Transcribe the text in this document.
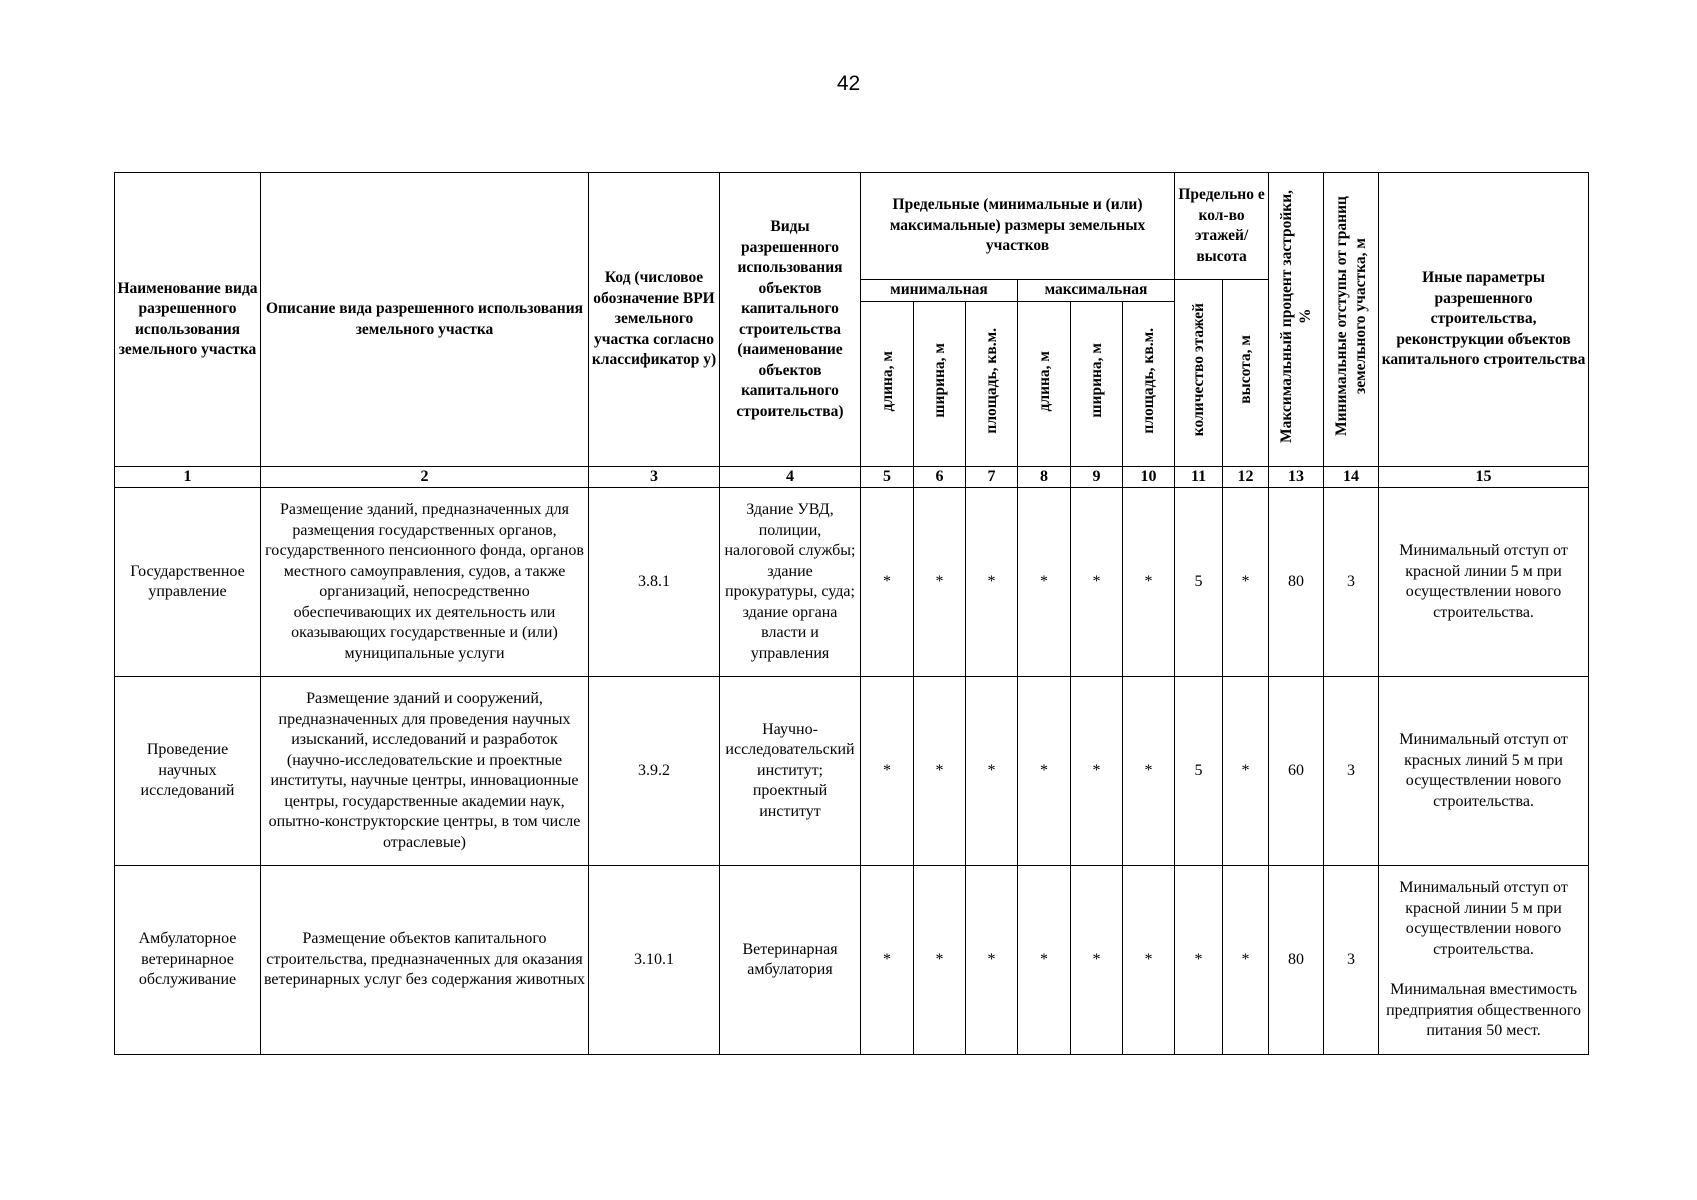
42
Наименование вида разрешенного использования земельного участка	Описание вида разрешенного использования земельного участка	Код (числовое обозначение ВРИ земельного участка согласно классификатор у)	Виды разрешенного использования объектов капитального строительства (наименование объектов капитального строительства)	Предельные (минимальные и (или) максимальные) размеры земельных участков						Предельно е кол-во этажей/ высота		Максимальный процент застройки, %	Минимальные отступы от границ земельного участка, м	Иные параметры разрешенного строительства, реконструкции объектов капитального строительства
				минимальная			максимальная			количество этажей	высота, м			
				длина, м	ширина, м	площадь, кв.м.	длина, м	ширина, м	площадь, кв.м.					
1	2	3	4	5	6	7	8	9	10	11	12	13	14	15
Государственное управление	Размещение зданий, предназначенных для размещения государственных органов, государственного пенсионного фонда, органов местного самоуправления, судов, а также организаций, непосредственно обеспечивающих их деятельность или оказывающих государственные и (или) муниципальные услуги	3.8.1	Здание УВД, полиции, налоговой службы; здание прокуратуры, суда; здание органа власти и управления	*	*	*	*	*	*	5	*	80	3	Минимальный отступ от красной линии 5 м при осуществлении нового строительства.
Проведение научных исследований	Размещение зданий и сооружений, предназначенных для проведения научных изысканий, исследований и разработок (научно-исследовательские и проектные институты, научные центры, инновационные центры, государственные академии наук, опытно-конструкторские центры, в том числе отраслевые)	3.9.2	Научно-исследовательский институт; проектный институт	*	*	*	*	*	*	5	*	60	3	Минимальный отступ от красных линий 5 м при осуществлении нового строительства.
Амбулаторное ветеринарное обслуживание	Размещение объектов капитального строительства, предназначенных для оказания ветеринарных услуг без содержания животных	3.10.1	Ветеринарная амбулатория	*	*	*	*	*	*	*	*	80	3	Минимальный отступ от красной линии 5 м при осуществлении нового строительства.
Минимальная вместимость предприятия общественного питания 50 мест.
